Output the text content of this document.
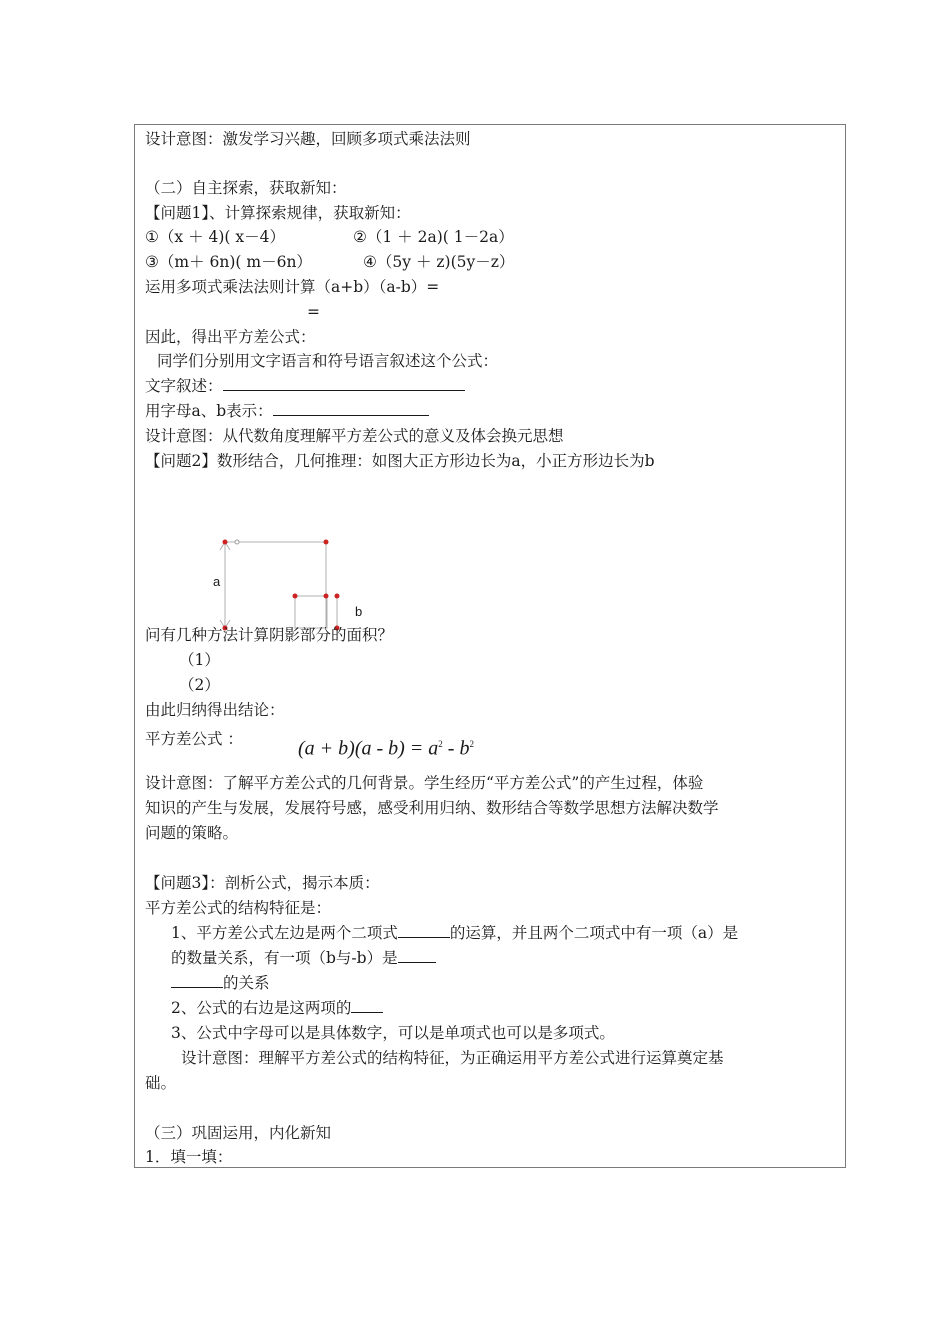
设计意图：激发学习兴趣，回顾多项式乘法法则
（二）自主探索，获取新知：
【问题1】、计算探索规律，获取新知：
①（x ＋ 4)( x－4）	②（1 ＋ 2a)( 1－2a）
③（m＋ 6n)( m－6n）	④（5y ＋ z)(5y－z）
运用多项式乘法法则计算（a+b）（a-b）=
=
因此，得出平方差公式：
同学们分别用文字语言和符号语言叙述这个公式：
文字叙述：
用字母a、b表示：
设计意图：从代数角度理解平方差公式的意义及体会换元思想
【问题2】数形结合，几何推理：如图大正方形边长为a，小正方形边长为b
a
b
问有几种方法计算阴影部分的面积？
（1）
（2）
由此归纳得出结论：
平方差公式 ：	$(a + b)(a - b) = a^2 - b^2$
设计意图：了解平方差公式的几何背景。学生经历“平方差公式”的产生过程，体验
知识的产生与发展，发展符号感，感受利用归纳、数形结合等数学思想方法解决数学
问题的策略。
【问题3】：剖析公式，揭示本质：
平方差公式的结构特征是：
1、平方差公式左边是两个二项式	的运算，并且两个二项式中有一项（a）是
的数量关系，有一项（b与-b）是
的关系
2、公式的右边是这两项的
3、公式中字母可以是具体数字，可以是单项式也可以是多项式。
设计意图：理解平方差公式的结构特征，为正确运用平方差公式进行运算奠定基
础。
（三）巩固运用，内化新知
1．填一填：
